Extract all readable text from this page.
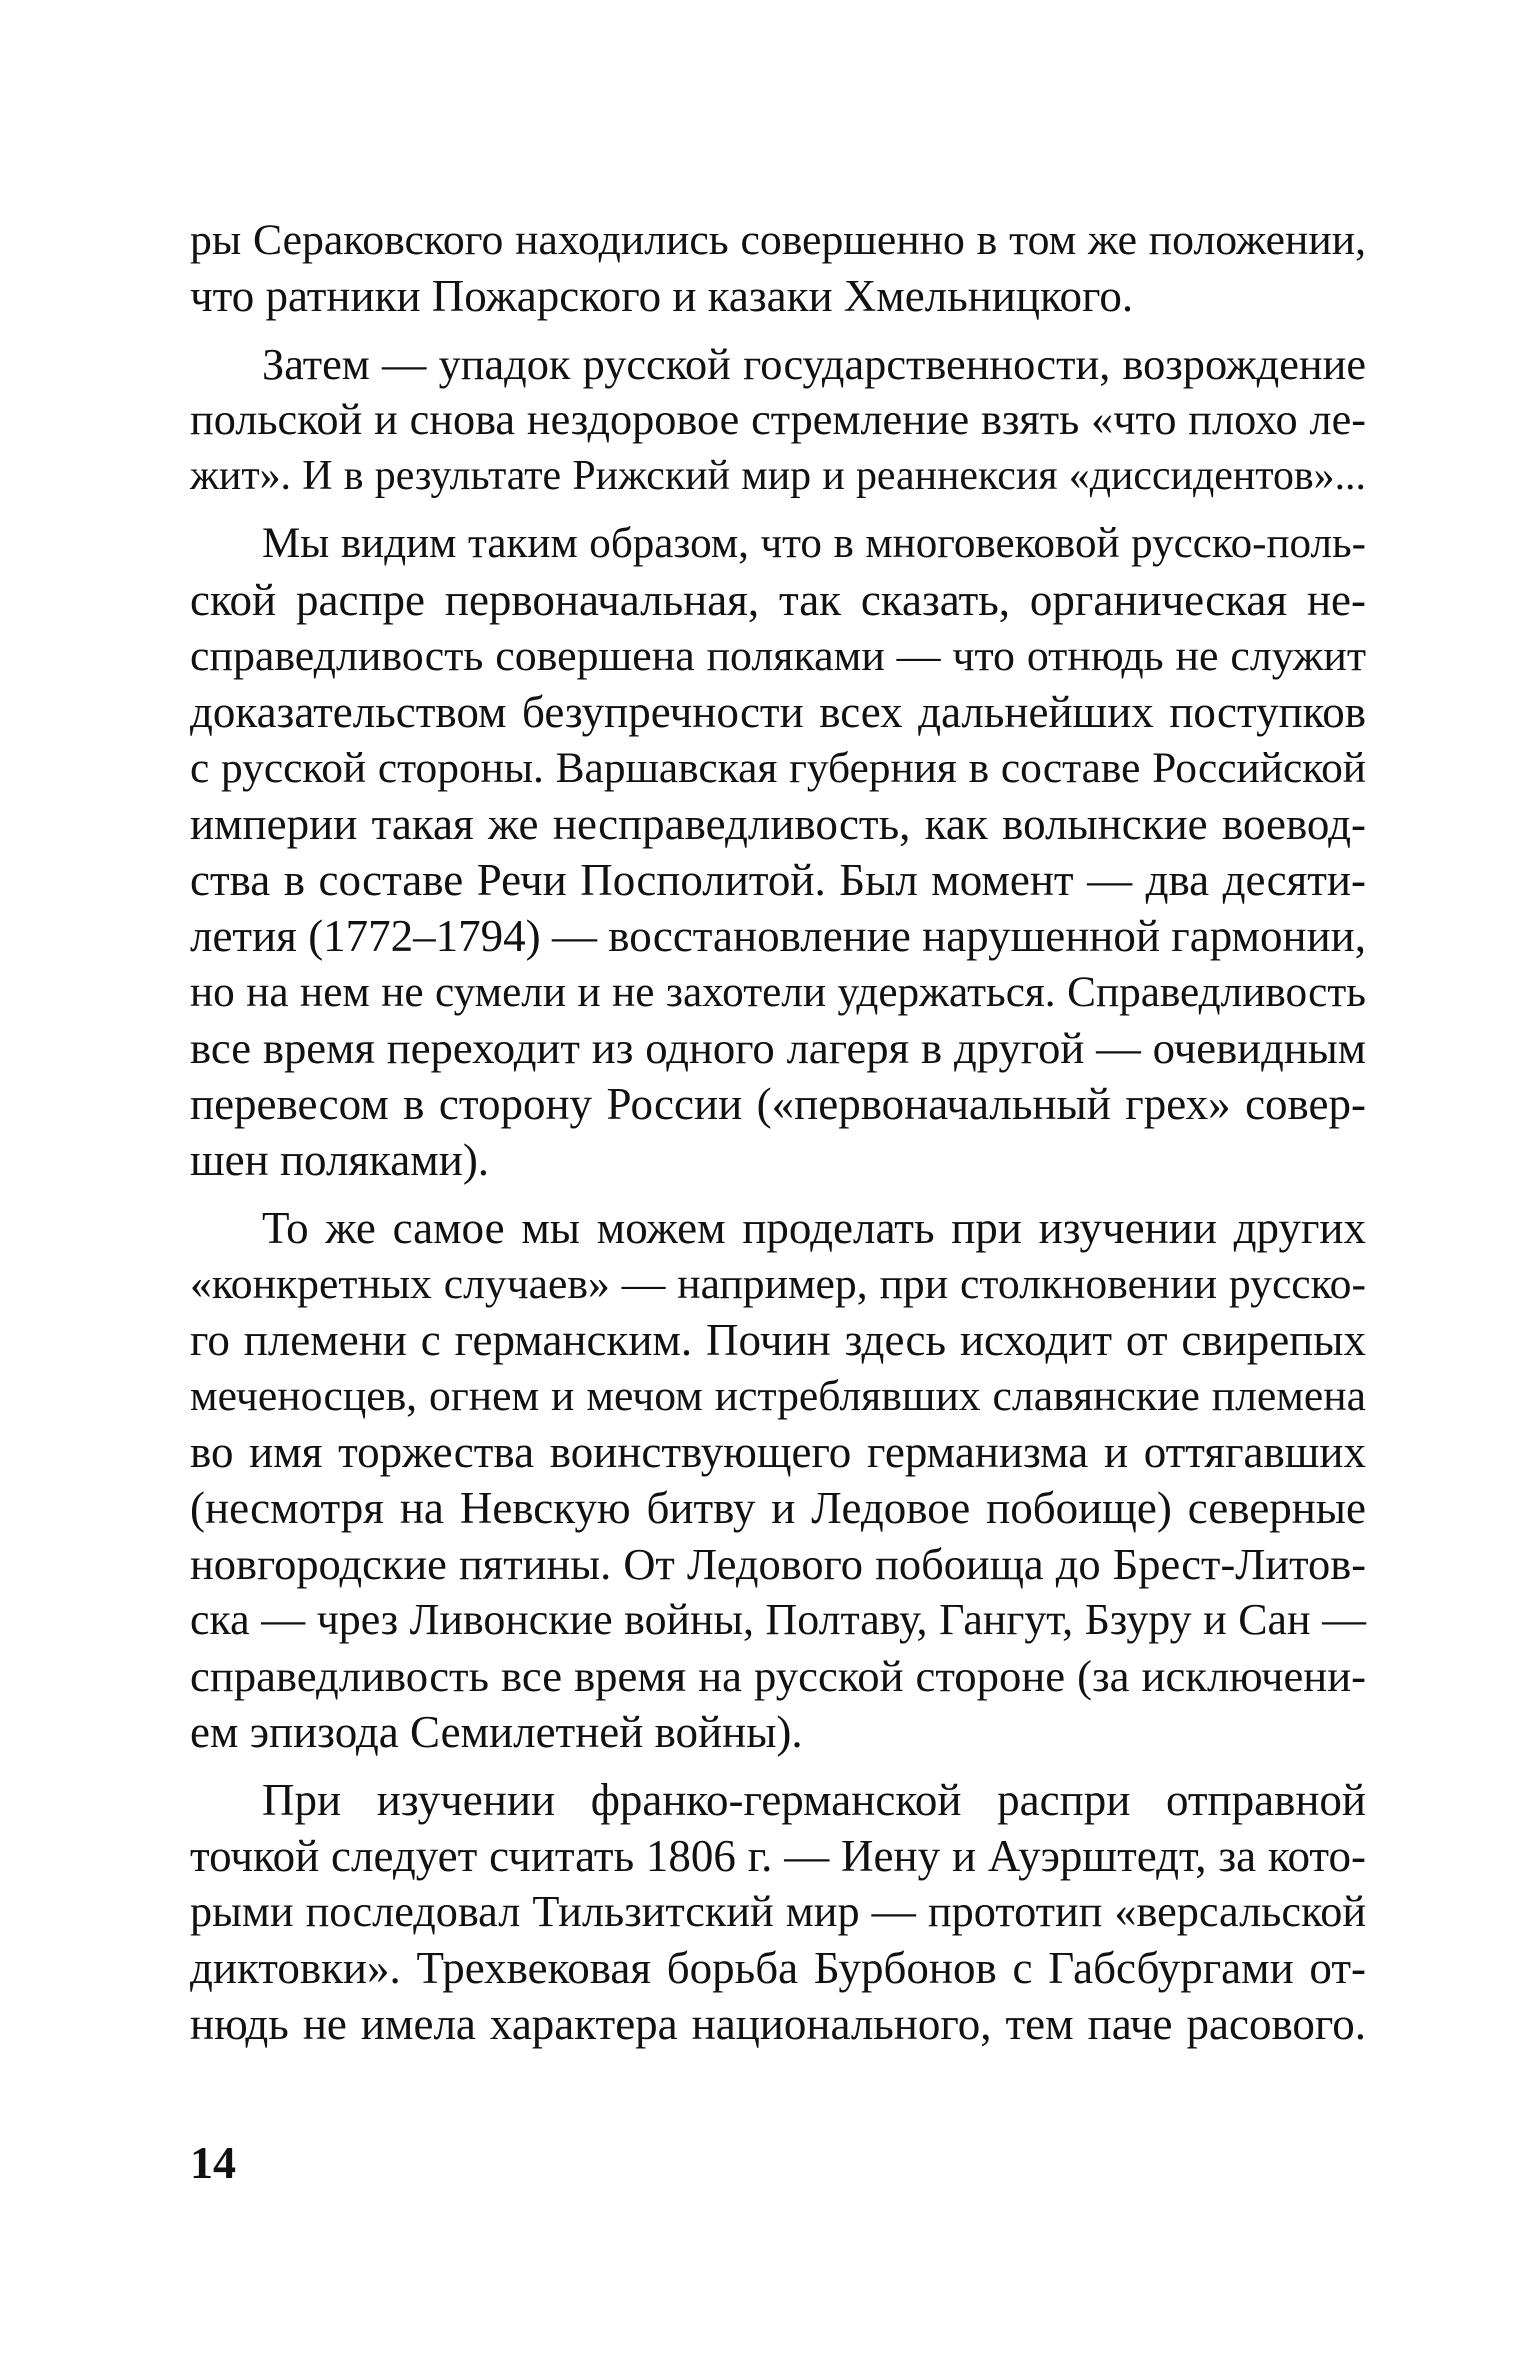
ры Сераковского находились совершенно в том же положении,
что ратники Пожарского и казаки Хмельницкого.
Затем — упадок русской государственности, возрождение
польской и снова нездоровое стремление взять «что плохо ле-
жит». И в результате Рижский мир и реаннексия «диссидентов»...
Мы видим таким образом, что в многовековой русско-поль-
ской распре первоначальная, так сказать, органическая не-
справедливость совершена поляками — что отнюдь не служит
доказательством безупречности всех дальнейших поступков
с русской стороны. Варшавская губерния в составе Российской
империи такая же несправедливость, как волынские воевод-
ства в составе Речи Посполитой. Был момент — два десяти-
летия (1772–1794) — восстановление нарушенной гармонии,
но на нем не сумели и не захотели удержаться. Справедливость
все время переходит из одного лагеря в другой — очевидным
перевесом в сторону России («первоначальный грех» совер-
шен поляками).
То же самое мы можем проделать при изучении других
«конкретных случаев» — например, при столкновении русско-
го племени с германским. Почин здесь исходит от свирепых
меченосцев, огнем и мечом истреблявших славянские племена
во имя торжества воинствующего германизма и оттягавших
(несмотря на Невскую битву и Ледовое побоище) северные
новгородские пятины. От Ледового побоища до Брест-Литов-
ска — чрез Ливонские войны, Полтаву, Гангут, Бзуру и Сан —
справедливость все время на русской стороне (за исключени-
ем эпизода Семилетней войны).
При изучении франко-германской распри отправной
точкой следует считать 1806 г. — Иену и Ауэрштедт, за кото-
рыми последовал Тильзитский мир — прототип «версальской
диктовки». Трехвековая борьба Бурбонов с Габсбургами от-
нюдь не имела характера национального, тем паче расового.
14
